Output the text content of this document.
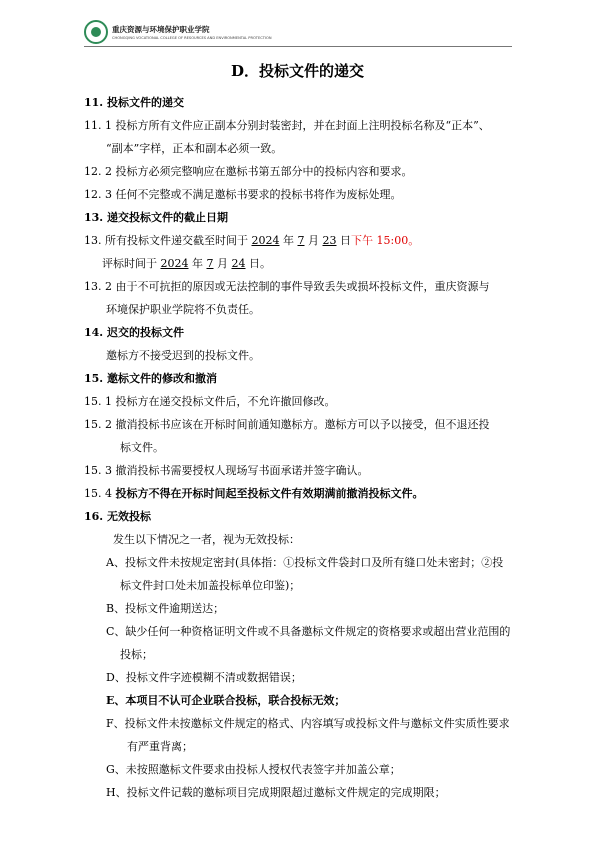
重庆资源与环境保护职业学院
CHONGQING VOCATIONAL COLLEGE OF RESOURCES AND ENVIRONMENTAL PROTECTION
D．投标文件的递交
11. 投标文件的递交
11. 1 投标方所有文件应正副本分别封装密封，并在封面上注明投标名称及“正本”、
“副本”字样，正本和副本必须一致。
12. 2 投标方必须完整响应在邀标书第五部分中的投标内容和要求。
12. 3 任何不完整或不满足邀标书要求的投标书将作为废标处理。
13. 递交投标文件的截止日期
13. 所有投标文件递交截至时间于 2024 年 7 月 23 日下午 15:00。
评标时间于 2024 年 7 月 24 日。
13. 2 由于不可抗拒的原因或无法控制的事件导致丢失或损坏投标文件，重庆资源与
环境保护职业学院将不负责任。
14. 迟交的投标文件
邀标方不接受迟到的投标文件。
15. 邀标文件的修改和撤消
15. 1 投标方在递交投标文件后，不允许撤回修改。
15. 2 撤消投标书应该在开标时间前通知邀标方。邀标方可以予以接受，但不退还投
标文件。
15. 3 撤消投标书需要授权人现场写书面承诺并签字确认。
15. 4 投标方不得在开标时间起至投标文件有效期满前撤消投标文件。
16. 无效投标
发生以下情况之一者，视为无效投标：
A、投标文件未按规定密封(具体指：①投标文件袋封口及所有缝口处未密封；②投
标文件封口处未加盖投标单位印鉴)；
B、投标文件逾期送达；
C、缺少任何一种资格证明文件或不具备邀标文件规定的资格要求或超出营业范围的
投标；
D、投标文件字迹模糊不清或数据错误；
E、本项目不认可企业联合投标，联合投标无效；
F、投标文件未按邀标文件规定的格式、内容填写或投标文件与邀标文件实质性要求
有严重背离；
G、未按照邀标文件要求由投标人授权代表签字并加盖公章；
H、投标文件记载的邀标项目完成期限超过邀标文件规定的完成期限；
